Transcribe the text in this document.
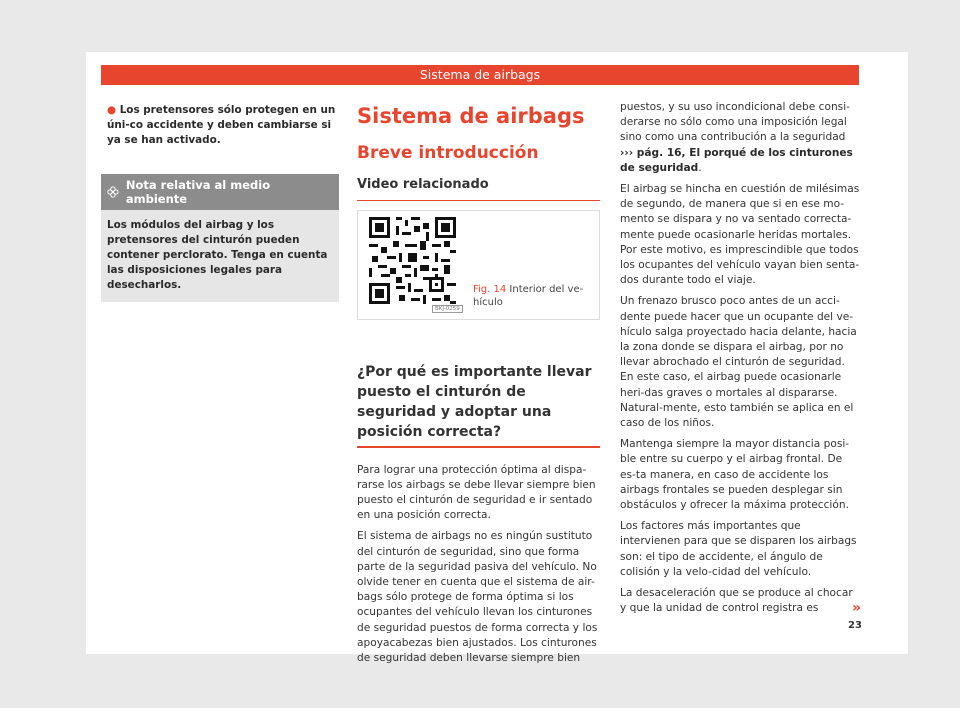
Sistema de airbags

● Los pretensores sólo protegen en un úni-co accidente y deben cambiarse si ya se han activado.

Nota relativa al medio ambiente
Los módulos del airbag y los pretensores del cinturón pueden contener perclorato. Tenga en cuenta las disposiciones legales para desecharlos.
Sistema de airbags
Breve introducción
Video relacionado
BKJ-0259
Fig. 14 Interior del ve-hículo
¿Por qué es importante llevar puesto el cinturón de seguridad y adoptar una posición correcta?

Para lograr una protección óptima al dispa-rarse los airbags se debe llevar siempre bien puesto el cinturón de seguridad e ir sentado en una posición correcta.

El sistema de airbags no es ningún sustituto del cinturón de seguridad, sino que forma parte de la seguridad pasiva del vehículo. No olvide tener en cuenta que el sistema de air-bags sólo protege de forma óptima si los ocupantes del vehículo llevan los cinturones de seguridad puestos de forma correcta y los apoyacabezas bien ajustados. Los cinturones de seguridad deben llevarse siempre bien

puestos, y su uso incondicional debe consi-derarse no sólo como una imposición legal sino como una contribución a la seguridad ››› pág. 16, El porqué de los cinturones de seguridad.

El airbag se hincha en cuestión de milésimas de segundo, de manera que si en ese mo-mento se dispara y no va sentado correcta-mente puede ocasionarle heridas mortales. Por este motivo, es imprescindible que todos los ocupantes del vehículo vayan bien senta-dos durante todo el viaje.

Un frenazo brusco poco antes de un acci-dente puede hacer que un ocupante del ve-hículo salga proyectado hacia delante, hacia la zona donde se dispara el airbag, por no llevar abrochado el cinturón de seguridad. En este caso, el airbag puede ocasionarle heri-das graves o mortales al dispararse. Natural-mente, esto también se aplica en el caso de los niños.

Mantenga siempre la mayor distancia posi-ble entre su cuerpo y el airbag frontal. De es-ta manera, en caso de accidente los airbags frontales se pueden desplegar sin obstáculos y ofrecer la máxima protección.

Los factores más importantes que intervienen para que se disparen los airbags son: el tipo de accidente, el ángulo de colisión y la velo-cidad del vehículo.

La desaceleración que se produce al chocar y que la unidad de control registra es	»
23
